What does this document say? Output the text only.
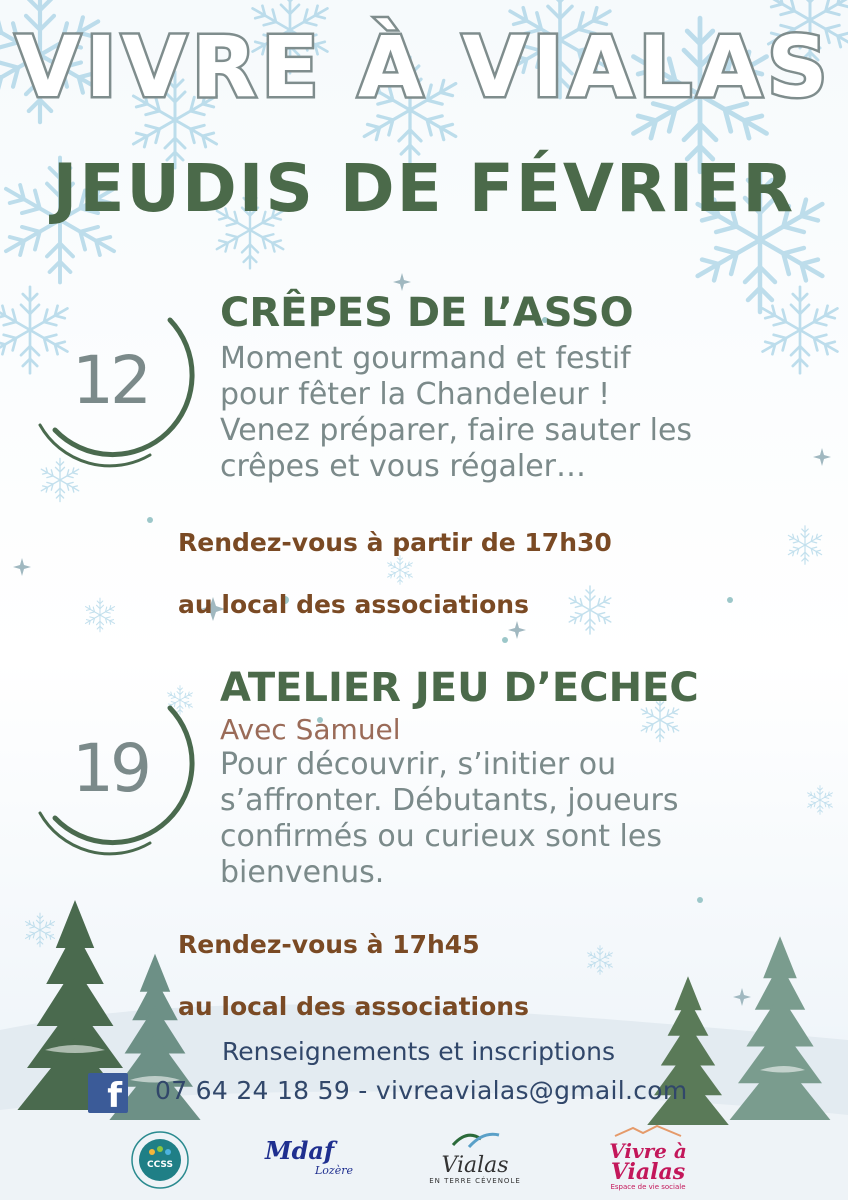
VIVRE À VIALAS
JEUDIS DE FÉVRIER
12
CRÊPES DE L’ASSO
Moment gourmand et festif
pour fêter la Chandeleur !
Venez préparer, faire sauter les
crêpes et vous régaler…

Rendez-vous à partir de 17h30

au local des associations

19
ATELIER JEU D’ECHEC
Avec Samuel
Pour découvrir, s’initier ou
s’affronter. Débutants, joueurs
confirmés ou curieux sont les
bienvenus.

Rendez-vous à 17h45

au local des associations

Renseignements et inscriptions
f 07 64 24 18 59 - vivreavialas@gmail.com
CCSS	Mdaf
Lozère	Vialas
EN TERRE CÉVENOLE
Vivre à
Vialas
Espace de vie sociale
